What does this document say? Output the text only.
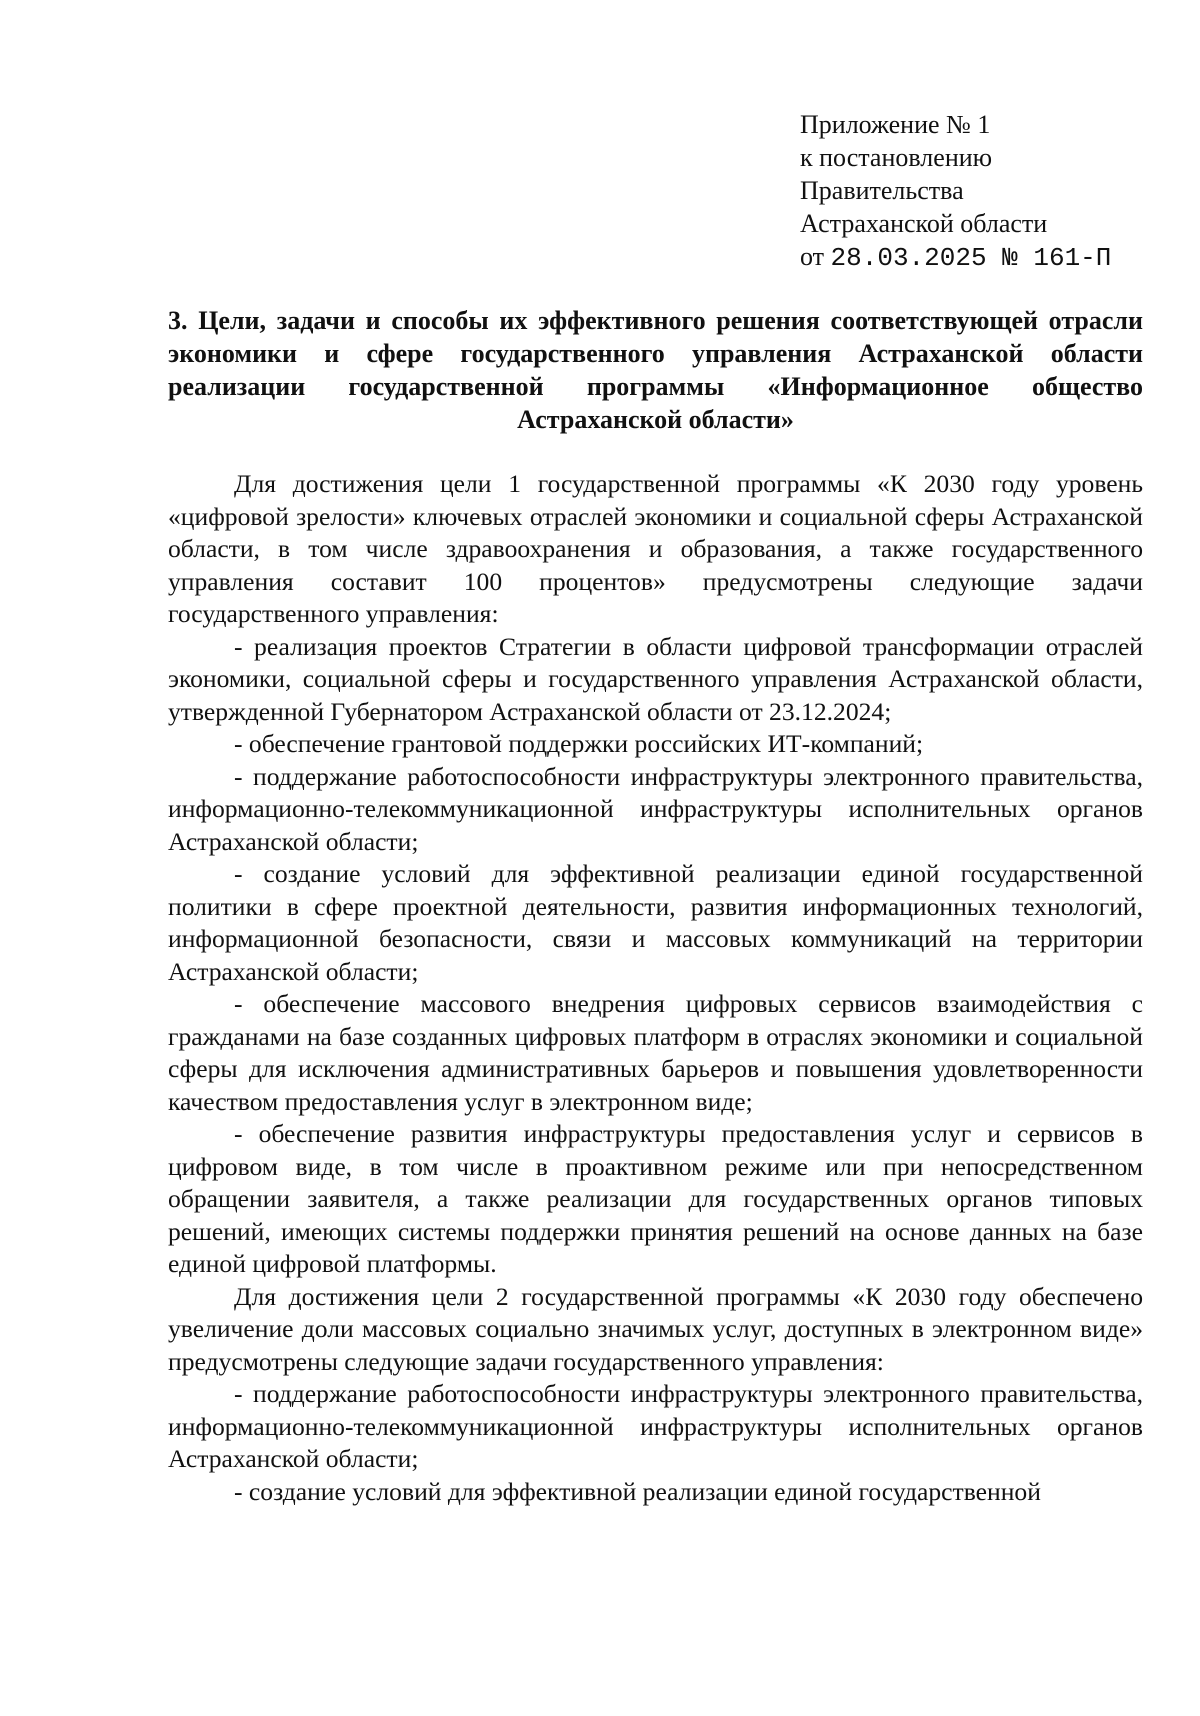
Приложение № 1
к постановлению
Правительства
Астраханской области
от 28.03.2025 № 161-П
3. Цели, задачи и способы их эффективного решения соответствующей отрасли экономики и сфере государственного управления Астраханской области реализации государственной программы «Информационное общество Астраханской области»

Для достижения цели 1 государственной программы «К 2030 году уровень «цифровой зрелости» ключевых отраслей экономики и социальной сферы Астраханской области, в том числе здравоохранения и образования, а также государственного управления составит 100 процентов» предусмотрены следующие задачи государственного управления:

- реализация проектов Стратегии в области цифровой трансформации отраслей экономики, социальной сферы и государственного управления Астраханской области, утвержденной Губернатором Астраханской области от 23.12.2024;

- обеспечение грантовой поддержки российских ИТ-компаний;

- поддержание работоспособности инфраструктуры электронного правительства, информационно-телекоммуникационной инфраструктуры исполнительных органов Астраханской области;

- создание условий для эффективной реализации единой государственной политики в сфере проектной деятельности, развития информационных технологий, информационной безопасности, связи и массовых коммуникаций на территории Астраханской области;

- обеспечение массового внедрения цифровых сервисов взаимодействия с гражданами на базе созданных цифровых платформ в отраслях экономики и социальной сферы для исключения административных барьеров и повышения удовлетворенности качеством предоставления услуг в электронном виде;

- обеспечение развития инфраструктуры предоставления услуг и сервисов в цифровом виде, в том числе в проактивном режиме или при непосредственном обращении заявителя, а также реализации для государственных органов типовых решений, имеющих системы поддержки принятия решений на основе данных на базе единой цифровой платформы.

Для достижения цели 2 государственной программы «К 2030 году обеспечено увеличение доли массовых социально значимых услуг, доступных в электронном виде» предусмотрены следующие задачи государственного управления:

- поддержание работоспособности инфраструктуры электронного правительства, информационно-телекоммуникационной инфраструктуры исполнительных органов Астраханской области;

- создание условий для эффективной реализации единой государственной
